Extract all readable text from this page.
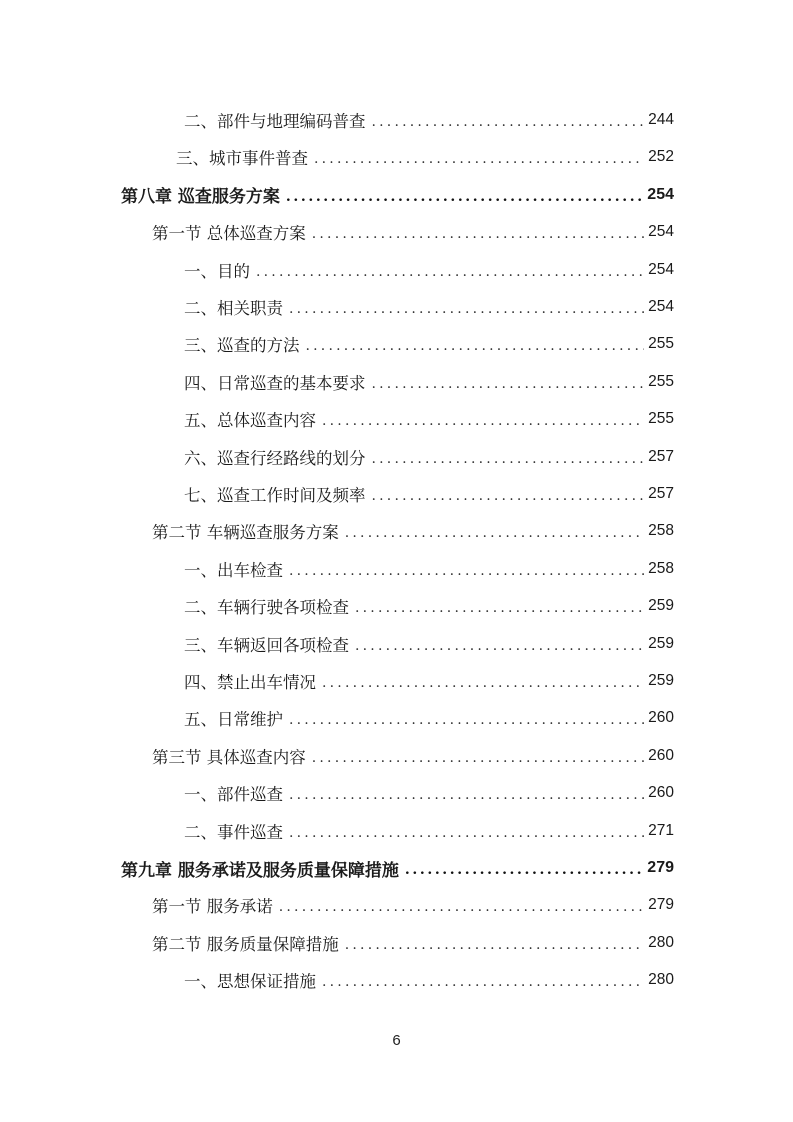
二、部件与地理编码普查 .....	244
三、城市事件普查 .....	252
第八章 巡查服务方案 .....	254
第一节 总体巡查方案 .....	254
一、目的 .....	254
二、相关职责 .....	254
三、巡查的方法 .....	255
四、日常巡查的基本要求 .....	255
五、总体巡查内容 .....	255
六、巡查行经路线的划分 .....	257
七、巡查工作时间及频率 .....	257
第二节 车辆巡查服务方案 .....	258
一、出车检查 .....	258
二、车辆行驶各项检查 .....	259
三、车辆返回各项检查 .....	259
四、禁止出车情况 .....	259
五、日常维护 .....	260
第三节 具体巡查内容 .....	260
一、部件巡查 .....	260
二、事件巡查 .....	271
第九章 服务承诺及服务质量保障措施 .....	279
第一节 服务承诺 .....	279
第二节 服务质量保障措施 .....	280
一、思想保证措施 .....	280
6
